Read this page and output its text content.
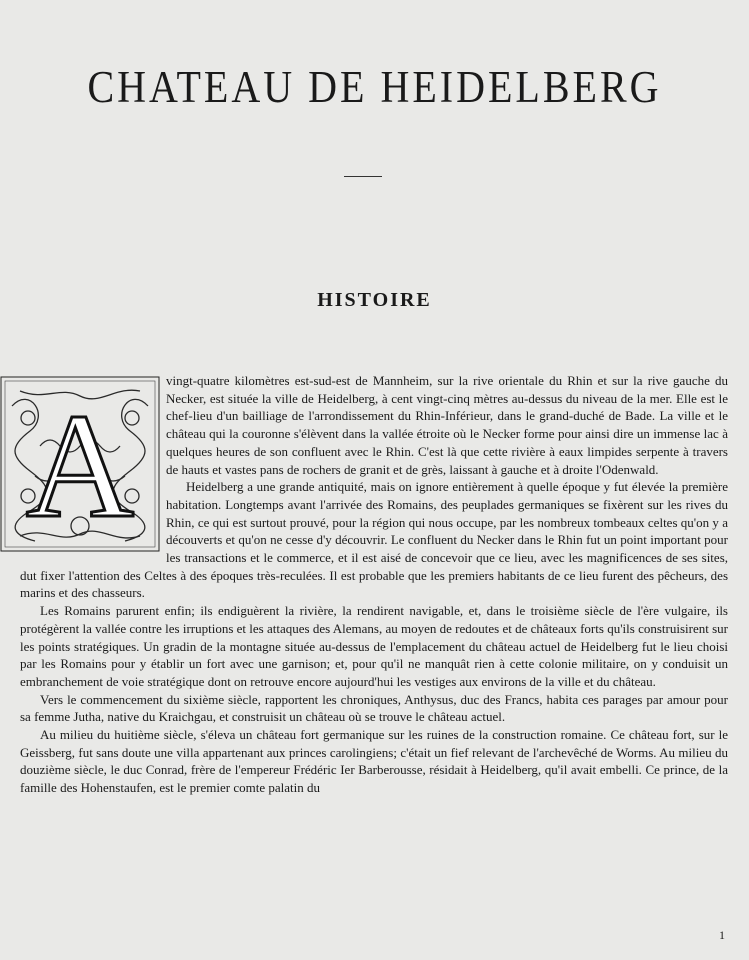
CHATEAU DE HEIDELBERG
HISTOIRE
A

vingt-quatre kilomètres est-sud-est de Mannheim, sur la rive orientale du Rhin et sur la rive gauche du Necker, est située la ville de Heidelberg, à cent vingt-cinq mètres au-dessus du niveau de la mer. Elle est le chef-lieu d'un bailliage de l'arrondissement du Rhin-Inférieur, dans le grand-duché de Bade. La ville et le château qui la couronne s'élèvent dans la vallée étroite où le Necker forme pour ainsi dire un immense lac à quelques heures de son confluent avec le Rhin. C'est là que cette rivière à eaux limpides serpente à travers de hauts et vastes pans de rochers de granit et de grès, laissant à gauche et à droite l'Odenwald.

Heidelberg a une grande antiquité, mais on ignore entièrement à quelle époque y fut élevée la première habitation. Longtemps avant l'arrivée des Romains, des peuplades germaniques se fixèrent sur les rives du Rhin, ce qui est surtout prouvé, pour la région qui nous occupe, par les nombreux tombeaux celtes qu'on y a découverts et qu'on ne cesse d'y découvrir. Le confluent du Necker dans le Rhin fut un point important pour les transactions et le commerce, et il est aisé de concevoir que ce lieu, avec les magnificences de ses sites, dut fixer l'attention des Celtes à des époques très-reculées. Il est probable que les premiers habitants de ce lieu furent des pêcheurs, des marins et des chasseurs.

Les Romains parurent enfin; ils endiguèrent la rivière, la rendirent navigable, et, dans le troisième siècle de l'ère vulgaire, ils protégèrent la vallée contre les irruptions et les attaques des Alemans, au moyen de redoutes et de châteaux forts qu'ils construisirent sur les points stratégiques. Un gradin de la montagne située au-dessus de l'emplacement du château actuel de Heidelberg fut le lieu choisi par les Romains pour y établir un fort avec une garnison; et, pour qu'il ne manquât rien à cette colonie militaire, on y conduisit un embranchement de voie stratégique dont on retrouve encore aujourd'hui les vestiges aux environs de la ville et du château.

Vers le commencement du sixième siècle, rapportent les chroniques, Anthysus, duc des Francs, habita ces parages par amour pour sa femme Jutha, native du Kraichgau, et construisit un château où se trouve le château actuel.

Au milieu du huitième siècle, s'éleva un château fort germanique sur les ruines de la construction romaine. Ce château fort, sur le Geissberg, fut sans doute une villa appartenant aux princes carolingiens; c'était un fief relevant de l'archevêché de Worms. Au milieu du douzième siècle, le duc Conrad, frère de l'empereur Frédéric Ier Barberousse, résidait à Heidelberg, qu'il avait embelli. Ce prince, de la famille des Hohenstaufen, est le premier comte palatin du

1
